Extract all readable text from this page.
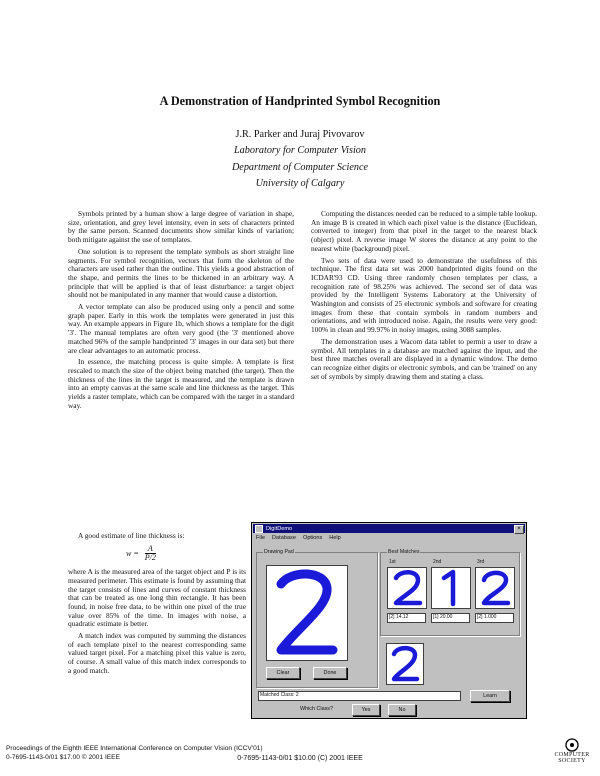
A Demonstration of Handprinted Symbol Recognition
J.R. Parker and Juraj Pivovarov
Laboratory for Computer Vision
Department of Computer Science
University of Calgary

Symbols printed by a human show a large degree of variation in shape, size, orientation, and grey level intensity, even in sets of characters printed by the same person. Scanned documents show similar kinds of variation; both mitigate against the use of templates.

One solution is to represent the template symbols as short straight line segments. For symbol recognition, vectors that form the skeleton of the characters are used rather than the outline. This yields a good abstraction of the shape, and permits the lines to be thickened in an arbitrary way. A principle that will be applied is that of least disturbance: a target object should not be manipulated in any manner that would cause a distortion.

A vector template can also be produced using only a pencil and some graph paper. Early in this work the templates were generated in just this way. An example appears in Figure 1b, which shows a template for the digit '3'. The manual templates are often very good (the '3' mentioned above matched 96% of the sample handprinted '3' images in our data set) but there are clear advantages to an automatic process.

In essence, the matching process is quite simple. A template is first rescaled to match the size of the object being matched (the target). Then the thickness of the lines in the target is measured, and the template is drawn into an empty canvas at the same scale and line thickness as the target. This yields a raster template, which can be compared with the target in a standard way.

A good estimate of line thickness is:

$w = \frac{A}{P/2}$

where A is the measured area of the target object and P is its measured perimeter. This estimate is found by assuming that the target consists of lines and curves of constant thickness that can be treated as one long thin rectangle. It has been found, in noise free data, to be within one pixel of the true value over 85% of the time. In images with noise, a quadratic estimate is better.

A match index was computed by summing the distances of each template pixel to the nearest corresponding same valued target pixel. For a matching pixel this value is zero, of course. A small value of this match index corresponds to a good match.

Computing the distances needed can be reduced to a simple table lookup. An image B is created in which each pixel value is the distance (Euclidean, converted to integer) from that pixel in the target to the nearest black (object) pixel. A reverse image W stores the distance at any point to the nearest white (background) pixel.

Two sets of data were used to demonstrate the usefulness of this technique. The first data set was 2000 handprinted digits found on the ICDAR'93 CD. Using three randomly chosen templates per class, a recognition rate of 98.25% was achieved. The second set of data was provided by the Intelligent Systems Laboratory at the University of Washington and consists of 25 electronic symbols and software for creating images from these that contain symbols in random numbers and orientations, and with introduced noise. Again, the results were very good: 100% in clean and 99.97% in noisy images, using 3088 samples.

The demonstration uses a Wacom data tablet to permit a user to draw a symbol. All templates in a database are matched against the input, and the best three matches overall are displayed in a dynamic window. The demo can recognize either digits or electronic symbols, and can be 'trained' on any set of symbols by simply drawing them and stating a class.

DigitDemo	×
File Database Options Help
Drawing Pad
Clear	Done
Best Matches
1st	2nd	3rd
[2] 14.12	[1] 20.00	[2] 1.000
Matched Class: 2	Learn
Which Class?	Yes	No
Proceedings of the Eighth IEEE International Conference on Computer Vision (ICCV'01)
0-7695-1143-0/01 $17.00 © 2001 IEEE	0-7695-1143-0/01 $10.00 (C) 2001 IEEE	COMPUTER
SOCIETY
